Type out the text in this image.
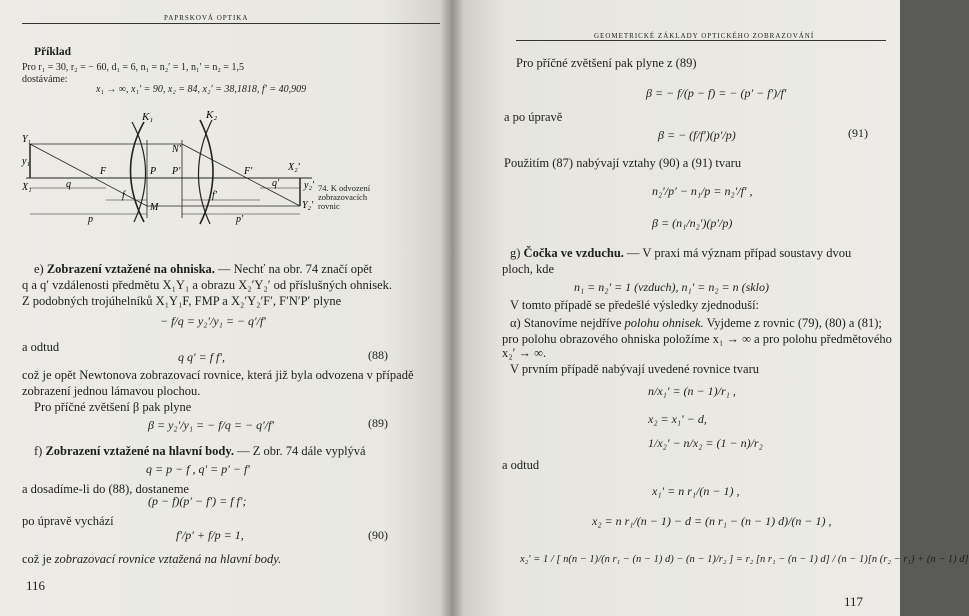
PAPRSKOVÁ OPTIKA
Příklad
Pro r₁ = 30, r₂ = − 60, d₁ = 6, n₁ = n₂′ = 1, n₁′ = n₂ = 1,5
dostáváme:
x₁ → ∞, x₁′ = 90, x₂ = 84, x₂′ = 38,1818, f′ = 40,909
K₁	K₂
Y₁
y₁
X₁	q
F
f
p
M
N′
P P′	F′
f′
q′
p′
X₂′
y₂′
Y₂′
74. K odvození zobrazovacích rovnic
e) Zobrazení vztažené na ohniska. — Nechť na obr. 74 značí opět
q a q′ vzdálenosti předmětu X₁Y₁ a obrazu X₂′Y₂′ od příslušných ohnisek.
Z podobných trojúhelníků X₁Y₁F, FMP a X₂′Y₂′F′, F′N′P′ plyne
− f/q = y₂′/y₁ = − q′/f′
a odtud
q q′ = f f′,	(88)
což je opět Newtonova zobrazovací rovnice, která již byla odvozena v případě
zobrazení jednou lámavou plochou.
Pro příčné zvětšení β pak plyne
β = y₂′/y₁ = − f/q = − q′/f′	(89)
f) Zobrazení vztažené na hlavní body. — Z obr. 74 dále vyplývá
q = p − f , q′ = p′ − f′
a dosadíme-li do (88), dostaneme
(p − f)(p′ − f′) = f f′;
po úpravě vychází
f′/p′ + f/p = 1,	(90)
což je zobrazovací rovnice vztažená na hlavní body.
116
GEOMETRICKÉ ZÁKLADY OPTICKÉHO ZOBRAZOVÁNÍ
Pro příčné zvětšení pak plyne z (89)
β = − f/(p − f) = − (p′ − f′)/f′
a po úpravě
β = − (f/f′)(p′/p)	(91)
Použitím (87) nabývají vztahy (90) a (91) tvaru
n₂′/p′ − n₁/p = n₂′/f′ ,
β = (n₁/n₂′)(p′/p)
g) Čočka ve vzduchu. — V praxi má význam případ soustavy dvou
ploch, kde
n₁ = n₂′ = 1 (vzduch), n₁′ = n₂ = n (sklo)
V tomto případě se předešlé výsledky zjednoduší:
α) Stanovíme nejdříve polohu ohnisek. Vyjdeme z rovnic (79), (80) a (81);
pro polohu obrazového ohniska položíme x₁ → ∞ a pro polohu předmětového
x₂′ → ∞.
V prvním případě nabývají uvedené rovnice tvaru
n/x₁′ = (n − 1)/r₁ ,
x₂ = x₁′ − d,
1/x₂′ − n/x₂ = (1 − n)/r₂
a odtud
x₁′ = n r₁/(n − 1) ,
x₂ = n r₁/(n − 1) − d = (n r₁ − (n − 1) d)/(n − 1) ,
x₂′ = 1 / [ n(n − 1)/(n r₁ − (n − 1) d) − (n − 1)/r₂ ] = r₂ [n r₁ − (n − 1) d] / (n − 1)[n (r₂ − r₁) + (n − 1) d]
117
